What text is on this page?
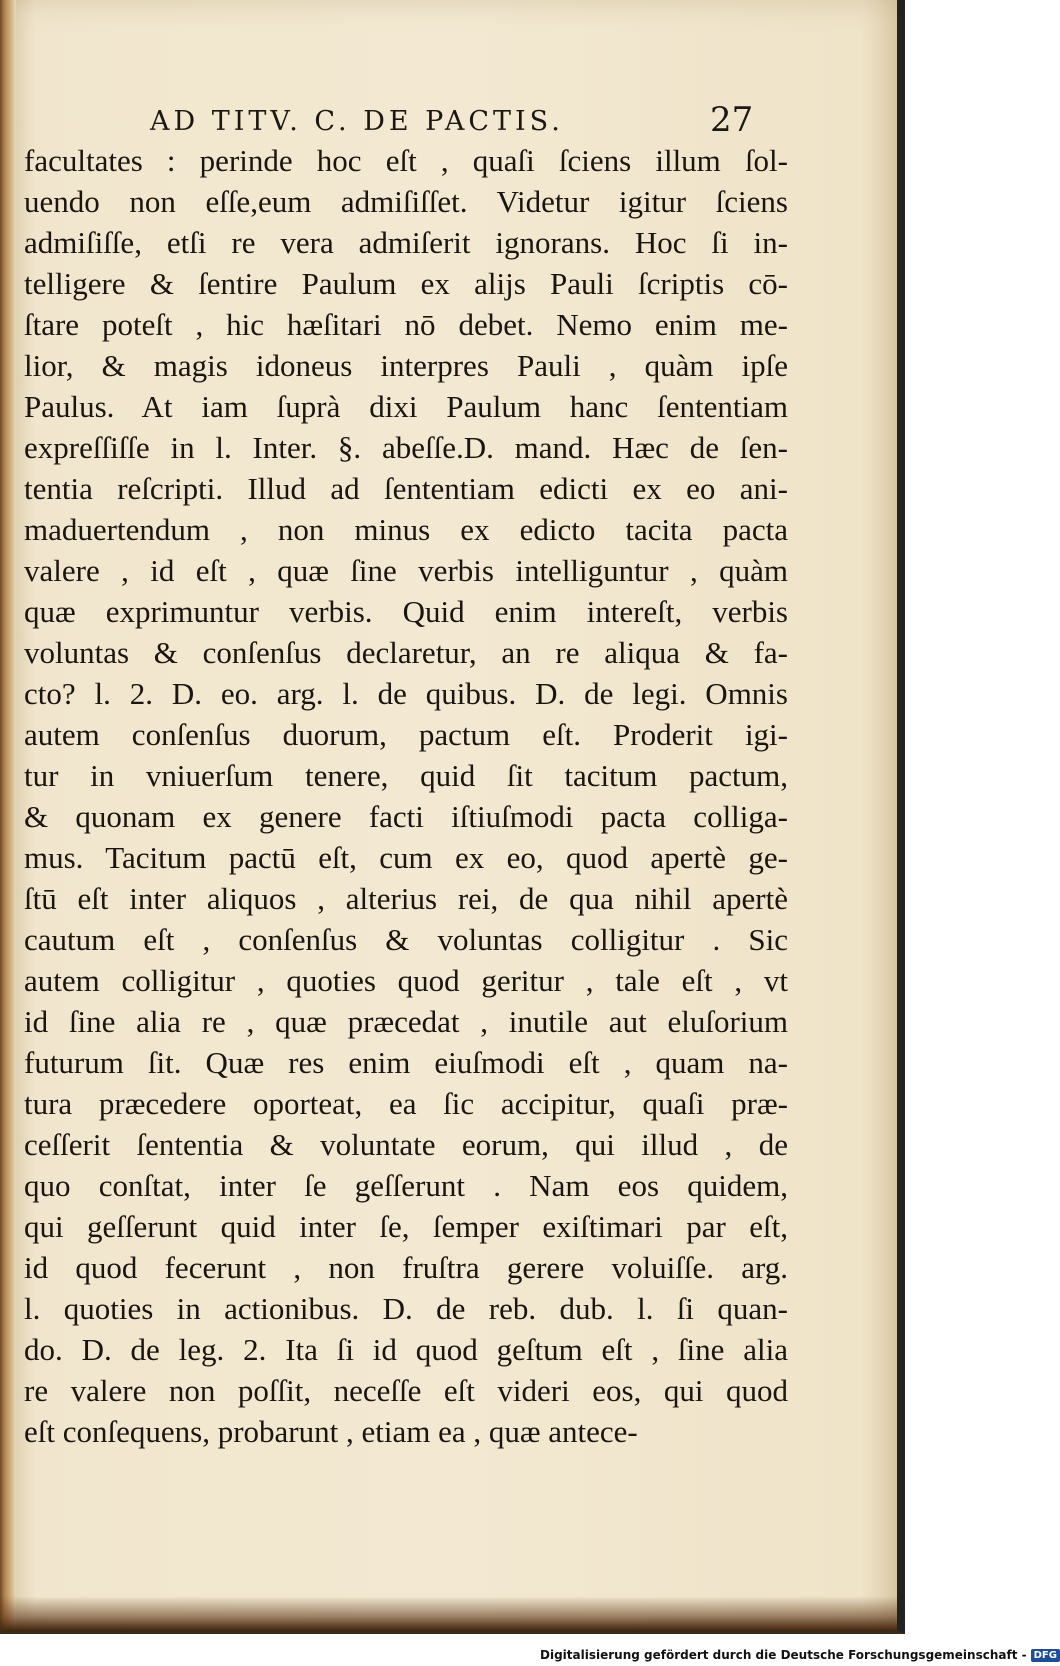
AD TITV. C. DE PACTIS.	27
facultates : perinde hoc eſt , quaſi ſciens illum ſol-
uendo non eſſe,eum admiſiſſet. Videtur igitur ſciens
admiſiſſe, etſi re vera admiſerit ignorans. Hoc ſi in-
telligere & ſentire Paulum ex alijs Pauli ſcriptis cō-
ſtare poteſt , hic hæſitari nō debet. Nemo enim me-
lior, & magis idoneus interpres Pauli , quàm ipſe
Paulus. At iam ſuprà dixi Paulum hanc ſententiam
expreſſiſſe in l. Inter. §. abeſſe.D. mand. Hæc de ſen-
tentia reſcripti. Illud ad ſententiam edicti ex eo ani-
maduertendum , non minus ex edicto tacita pacta
valere , id eſt , quæ ſine verbis intelliguntur , quàm
quæ exprimuntur verbis. Quid enim intereſt, verbis
voluntas & conſenſus declaretur, an re aliqua & fa-
cto? l. 2. D. eo. arg. l. de quibus. D. de legi. Omnis
autem conſenſus duorum, pactum eſt. Proderit igi-
tur in vniuerſum tenere, quid ſit tacitum pactum,
& quonam ex genere facti iſtiuſmodi pacta colliga-
mus. Tacitum pactū eſt, cum ex eo, quod apertè ge-
ſtū eſt inter aliquos , alterius rei, de qua nihil apertè
cautum eſt , conſenſus & voluntas colligitur . Sic
autem colligitur , quoties quod geritur , tale eſt , vt
id ſine alia re , quæ præcedat , inutile aut eluſorium
futurum ſit. Quæ res enim eiuſmodi eſt , quam na-
tura præcedere oporteat, ea ſic accipitur, quaſi præ-
ceſſerit ſententia & voluntate eorum, qui illud , de
quo conſtat, inter ſe geſſerunt . Nam eos quidem,
qui geſſerunt quid inter ſe, ſemper exiſtimari par eſt,
id quod fecerunt , non fruſtra gerere voluiſſe. arg.
l. quoties in actionibus. D. de reb. dub. l. ſi quan-
do. D. de leg. 2. Ita ſi id quod geſtum eſt , ſine alia
re valere non poſſit, neceſſe eſt videri eos, qui quod
eſt conſequens, probarunt , etiam ea , quæ antece-
Digitalisierung gefördert durch die Deutsche Forschungsgemeinschaft - DFG
